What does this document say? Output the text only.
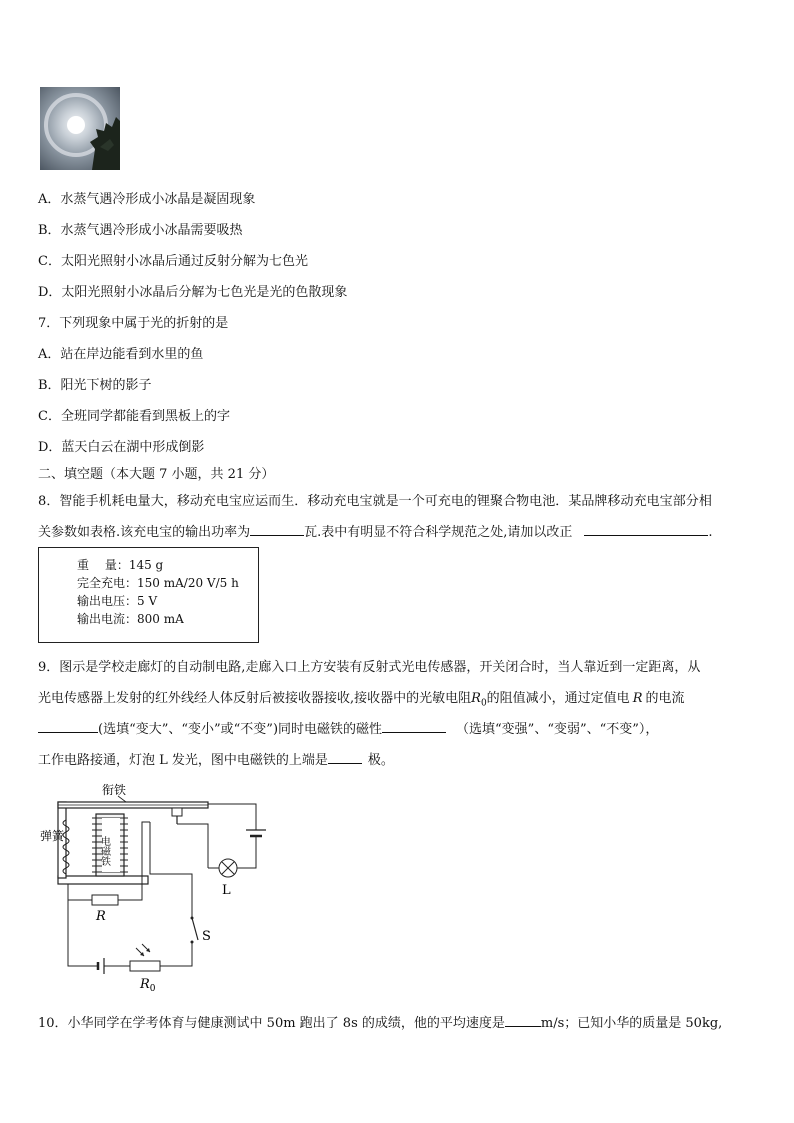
A．水蒸气遇冷形成小冰晶是凝固现象
B．水蒸气遇冷形成小冰晶需要吸热
C．太阳光照射小冰晶后通过反射分解为七色光
D．太阳光照射小冰晶后分解为七色光是光的色散现象
7．下列现象中属于光的折射的是
A．站在岸边能看到水里的鱼
B．阳光下树的影子
C．全班同学都能看到黑板上的字
D．蓝天白云在湖中形成倒影
二、填空题（本大题 7 小题，共 21 分）
8．智能手机耗电量大，移动充电宝应运而生．移动充电宝就是一个可充电的锂聚合物电池．某品牌移动充电宝部分相
关参数如表格.该充电宝的输出功率为	瓦.表中有明显不符合科学规范之处,请加以改正	.
重　 量：145 g
完全充电：150 mA/20 V/5 h
输出电压：5 V
输出电流：800 mA
9．图示是学校走廊灯的自动制电路,走廊入口上方安装有反射式光电传感器，开关闭合时，当人靠近到一定距离，从
光电传感器上发射的红外线经人体反射后被接收器接收,接收器中的光敏电阻$R_0$的阻值减小，通过定值电 R 的电流
(选填“变大”、“变小”或“不变”)同时电磁铁的磁性	（选填“变强”、“变弱”、“不变”），
工作电路接通，灯泡 L 发光，图中电磁铁的上端是	极。
衔铁
弹簧	电磁铁
L
R
S
$R_0$
10．小华同学在学考体育与健康测试中 50m 跑出了 8s 的成绩，他的平均速度是	m/s；已知小华的质量是 50kg,
